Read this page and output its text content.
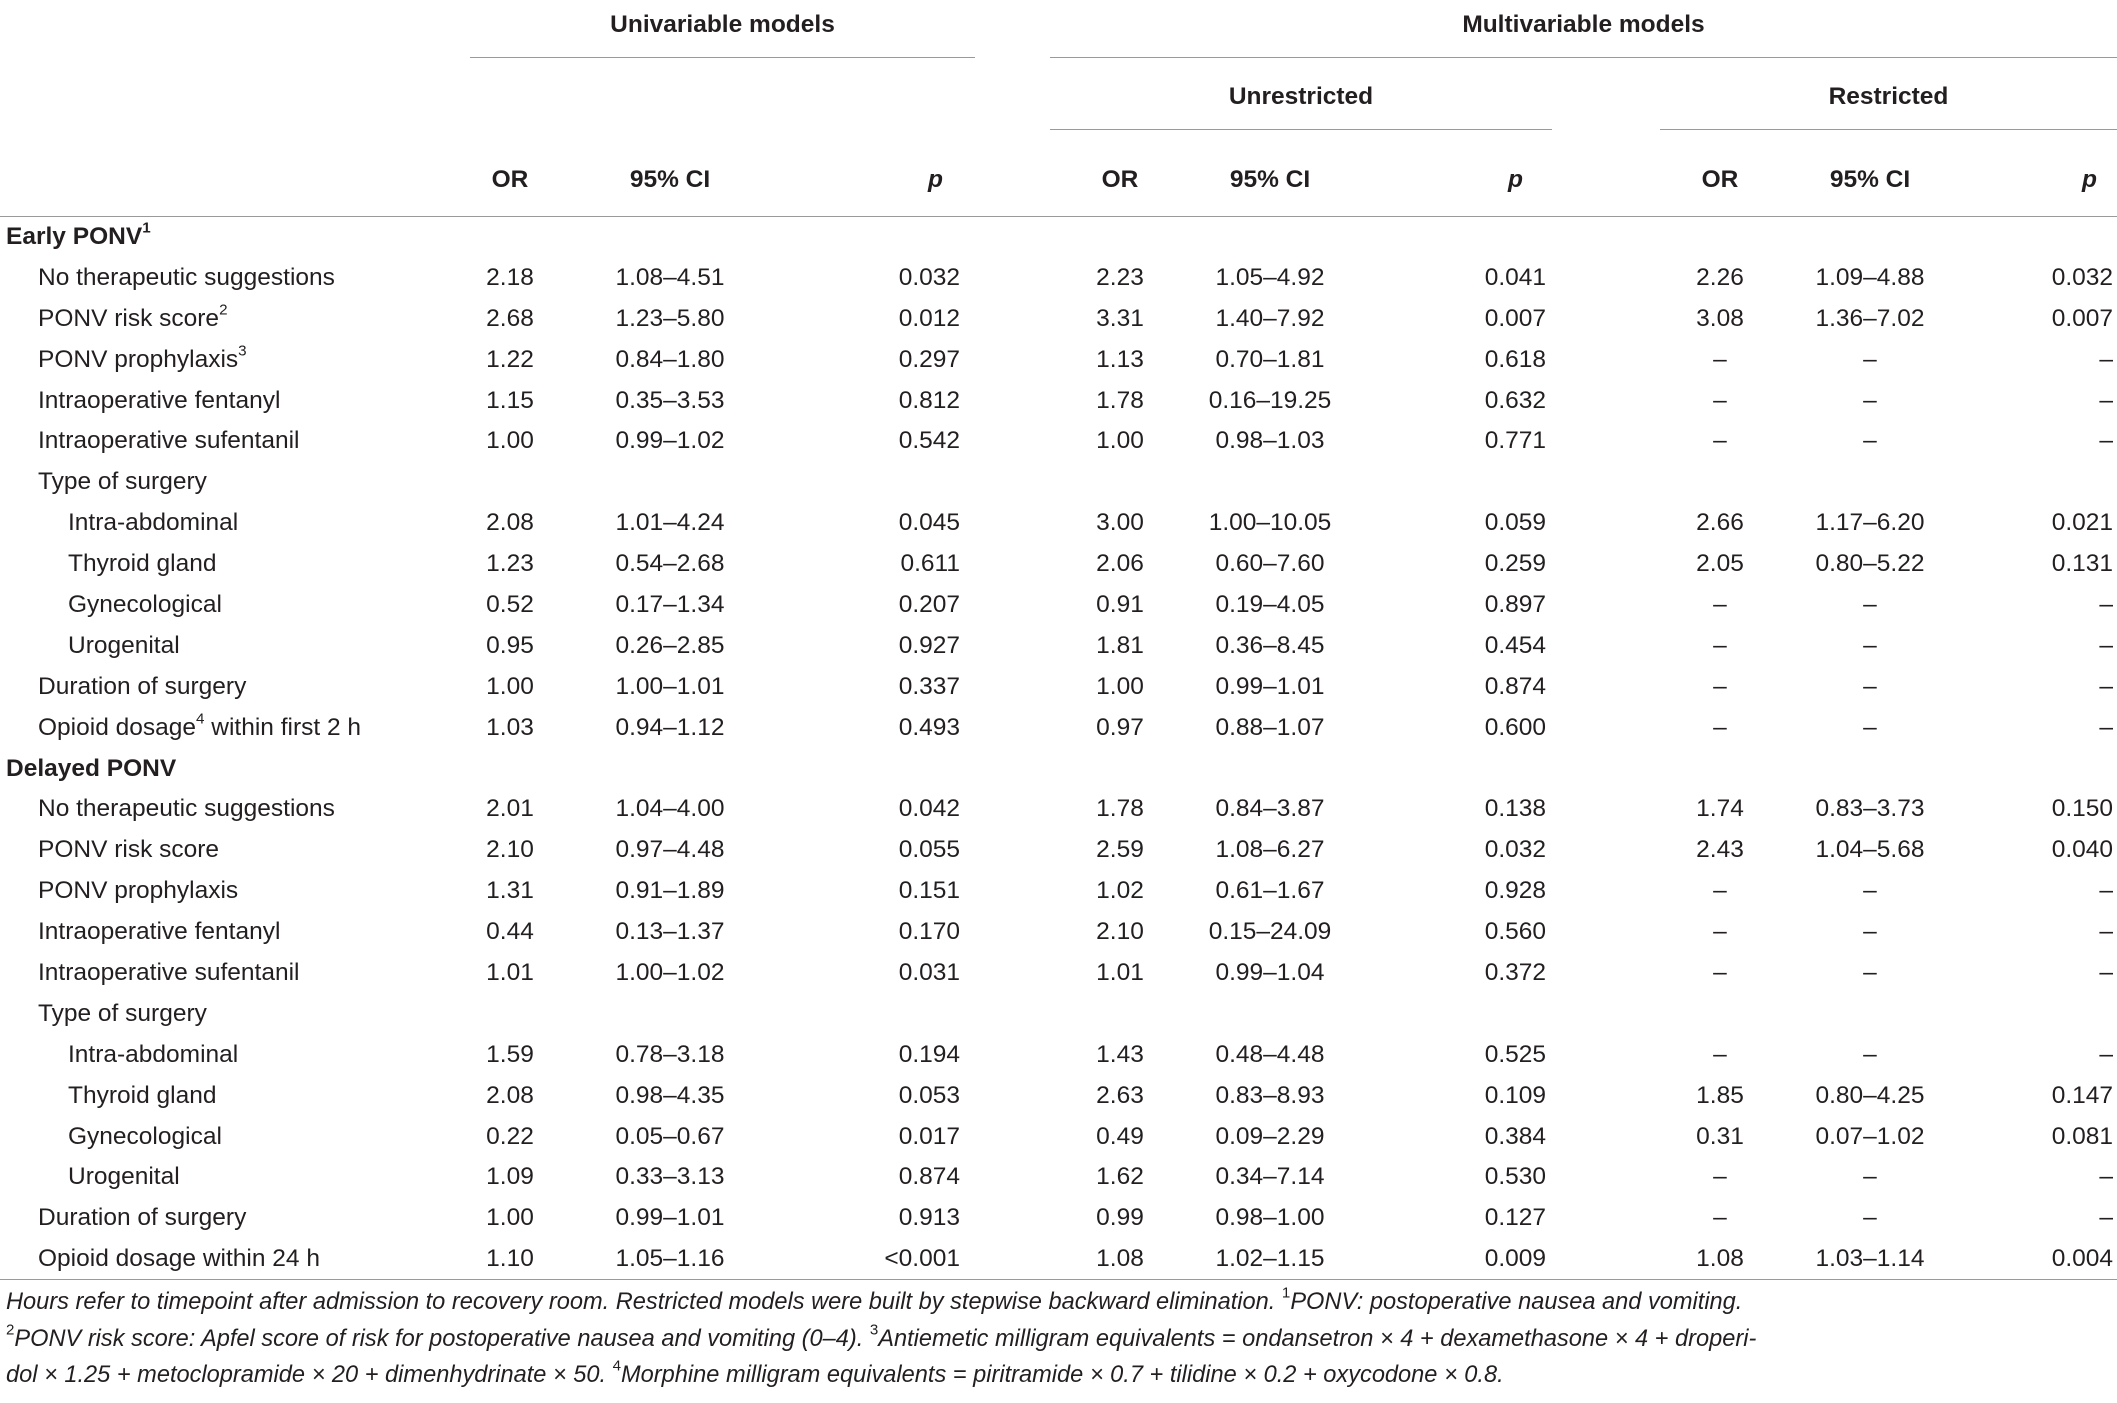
	Univariable models				Multivariable models						

					Unrestricted				Restricted		

	OR	95% CI	p		OR	95% CI	p		OR	95% CI	p
Early PONV$^1$
No therapeutic suggestions	2.18	1.08–4.51	0.032		2.23	1.05–4.92	0.041		2.26	1.09–4.88	0.032
PONV risk score$^2$	2.68	1.23–5.80	0.012		3.31	1.40–7.92	0.007		3.08	1.36–7.02	0.007
PONV prophylaxis$^3$	1.22	0.84–1.80	0.297		1.13	0.70–1.81	0.618		–	–	–
Intraoperative fentanyl	1.15	0.35–3.53	0.812		1.78	0.16–19.25	0.632		–	–	–
Intraoperative sufentanil	1.00	0.99–1.02	0.542		1.00	0.98–1.03	0.771		–	–	–
Type of surgery											
Intra-abdominal	2.08	1.01–4.24	0.045		3.00	1.00–10.05	0.059		2.66	1.17–6.20	0.021
Thyroid gland	1.23	0.54–2.68	0.611		2.06	0.60–7.60	0.259		2.05	0.80–5.22	0.131
Gynecological	0.52	0.17–1.34	0.207		0.91	0.19–4.05	0.897		–	–	–
Urogenital	0.95	0.26–2.85	0.927		1.81	0.36–8.45	0.454		–	–	–
Duration of surgery	1.00	1.00–1.01	0.337		1.00	0.99–1.01	0.874		–	–	–
Opioid dosage$^4$ within first 2 h	1.03	0.94–1.12	0.493		0.97	0.88–1.07	0.600		–	–	–
Delayed PONV											
No therapeutic suggestions	2.01	1.04–4.00	0.042		1.78	0.84–3.87	0.138		1.74	0.83–3.73	0.150
PONV risk score	2.10	0.97–4.48	0.055		2.59	1.08–6.27	0.032		2.43	1.04–5.68	0.040
PONV prophylaxis	1.31	0.91–1.89	0.151		1.02	0.61–1.67	0.928		–	–	–
Intraoperative fentanyl	0.44	0.13–1.37	0.170		2.10	0.15–24.09	0.560		–	–	–
Intraoperative sufentanil	1.01	1.00–1.02	0.031		1.01	0.99–1.04	0.372		–	–	–
Type of surgery											
Intra-abdominal	1.59	0.78–3.18	0.194		1.43	0.48–4.48	0.525		–	–	–
Thyroid gland	2.08	0.98–4.35	0.053		2.63	0.83–8.93	0.109		1.85	0.80–4.25	0.147
Gynecological	0.22	0.05–0.67	0.017		0.49	0.09–2.29	0.384		0.31	0.07–1.02	0.081
Urogenital	1.09	0.33–3.13	0.874		1.62	0.34–7.14	0.530		–	–	–
Duration of surgery	1.00	0.99–1.01	0.913		0.99	0.98–1.00	0.127		–	–	–
Opioid dosage within 24 h	1.10	1.05–1.16	<0.001		1.08	1.02–1.15	0.009		1.08	1.03–1.14	0.004
Hours refer to timepoint after admission to recovery room. Restricted models were built by stepwise backward elimination. $^1$PONV: postoperative nausea and vomiting.
$^2$PONV risk score: Apfel score of risk for postoperative nausea and vomiting (0–4). $^3$Antiemetic milligram equivalents = ondansetron × 4 + dexamethasone × 4 + droperi-
dol × 1.25 + metoclopramide × 20 + dimenhydrinate × 50. $^4$Morphine milligram equivalents = piritramide × 0.7 + tilidine × 0.2 + oxycodone × 0.8.
